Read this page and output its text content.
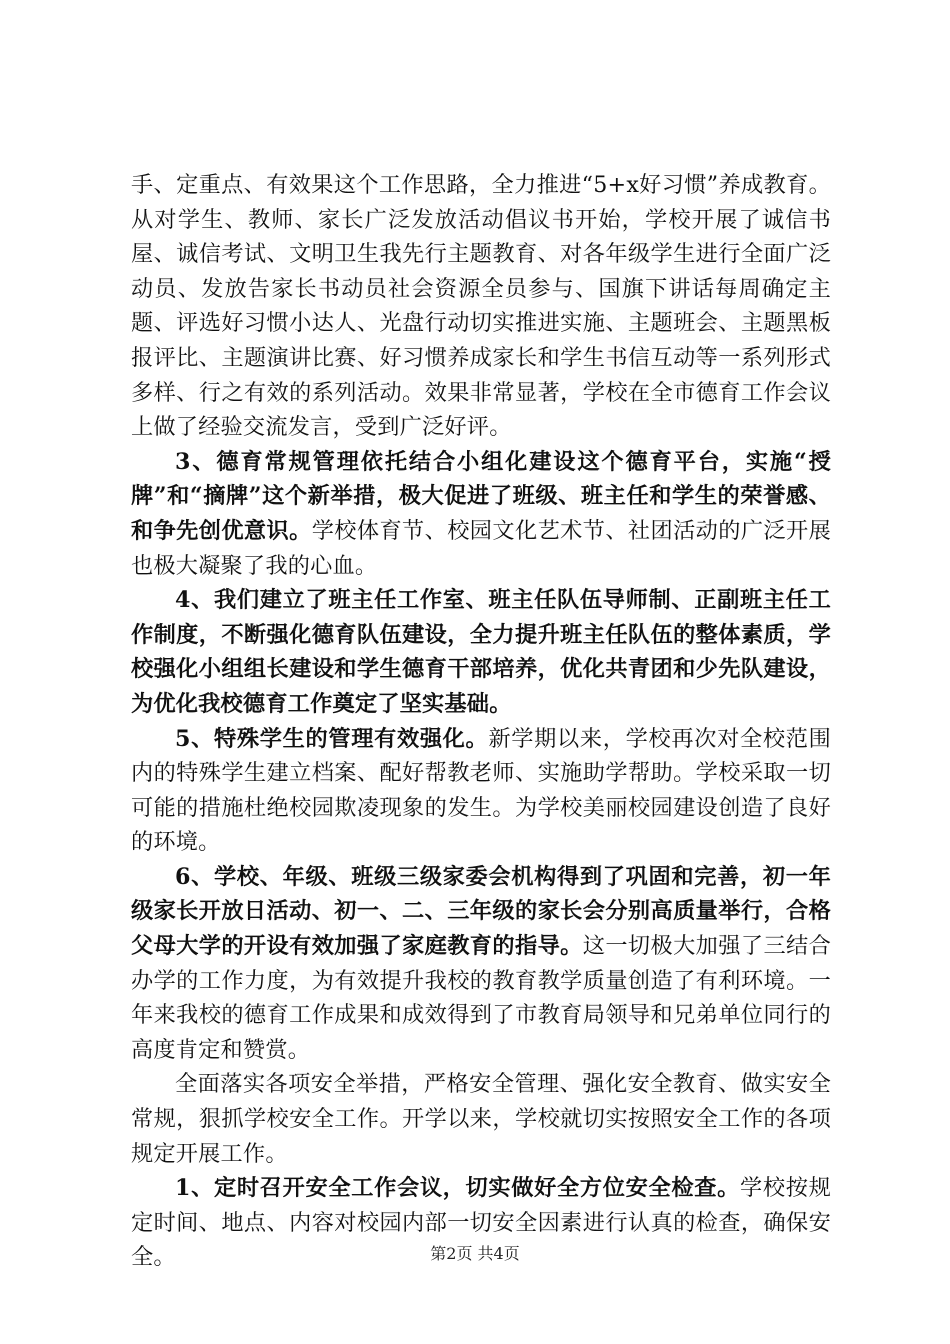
手、定重点、有效果这个工作思路，全力推进“5+x好习惯”养成教育。从对学生、教师、家长广泛发放活动倡议书开始，学校开展了诚信书屋、诚信考试、文明卫生我先行主题教育、对各年级学生进行全面广泛动员、发放告家长书动员社会资源全员参与、国旗下讲话每周确定主题、评选好习惯小达人、光盘行动切实推进实施、主题班会、主题黑板报评比、主题演讲比赛、好习惯养成家长和学生书信互动等一系列形式多样、行之有效的系列活动。效果非常显著，学校在全市德育工作会议上做了经验交流发言，受到广泛好评。

3、德育常规管理依托结合小组化建设这个德育平台，实施“授牌”和“摘牌”这个新举措，极大促进了班级、班主任和学生的荣誉感、和争先创优意识。学校体育节、校园文化艺术节、社团活动的广泛开展也极大凝聚了我的心血。

4、我们建立了班主任工作室、班主任队伍导师制、正副班主任工作制度，不断强化德育队伍建设，全力提升班主任队伍的整体素质，学校强化小组组长建设和学生德育干部培养，优化共青团和少先队建设，为优化我校德育工作奠定了坚实基础。

5、特殊学生的管理有效强化。新学期以来，学校再次对全校范围内的特殊学生建立档案、配好帮教老师、实施助学帮助。学校采取一切可能的措施杜绝校园欺凌现象的发生。为学校美丽校园建设创造了良好的环境。

6、学校、年级、班级三级家委会机构得到了巩固和完善，初一年级家长开放日活动、初一、二、三年级的家长会分别高质量举行，合格父母大学的开设有效加强了家庭教育的指导。这一切极大加强了三结合办学的工作力度，为有效提升我校的教育教学质量创造了有利环境。一年来我校的德育工作成果和成效得到了市教育局领导和兄弟单位同行的高度肯定和赞赏。

全面落实各项安全举措，严格安全管理、强化安全教育、做实安全常规，狠抓学校安全工作。开学以来，学校就切实按照安全工作的各项规定开展工作。

1、定时召开安全工作会议，切实做好全方位安全检查。学校按规定时间、地点、内容对校园内部一切安全因素进行认真的检查，确保安全。	第2页 共4页
